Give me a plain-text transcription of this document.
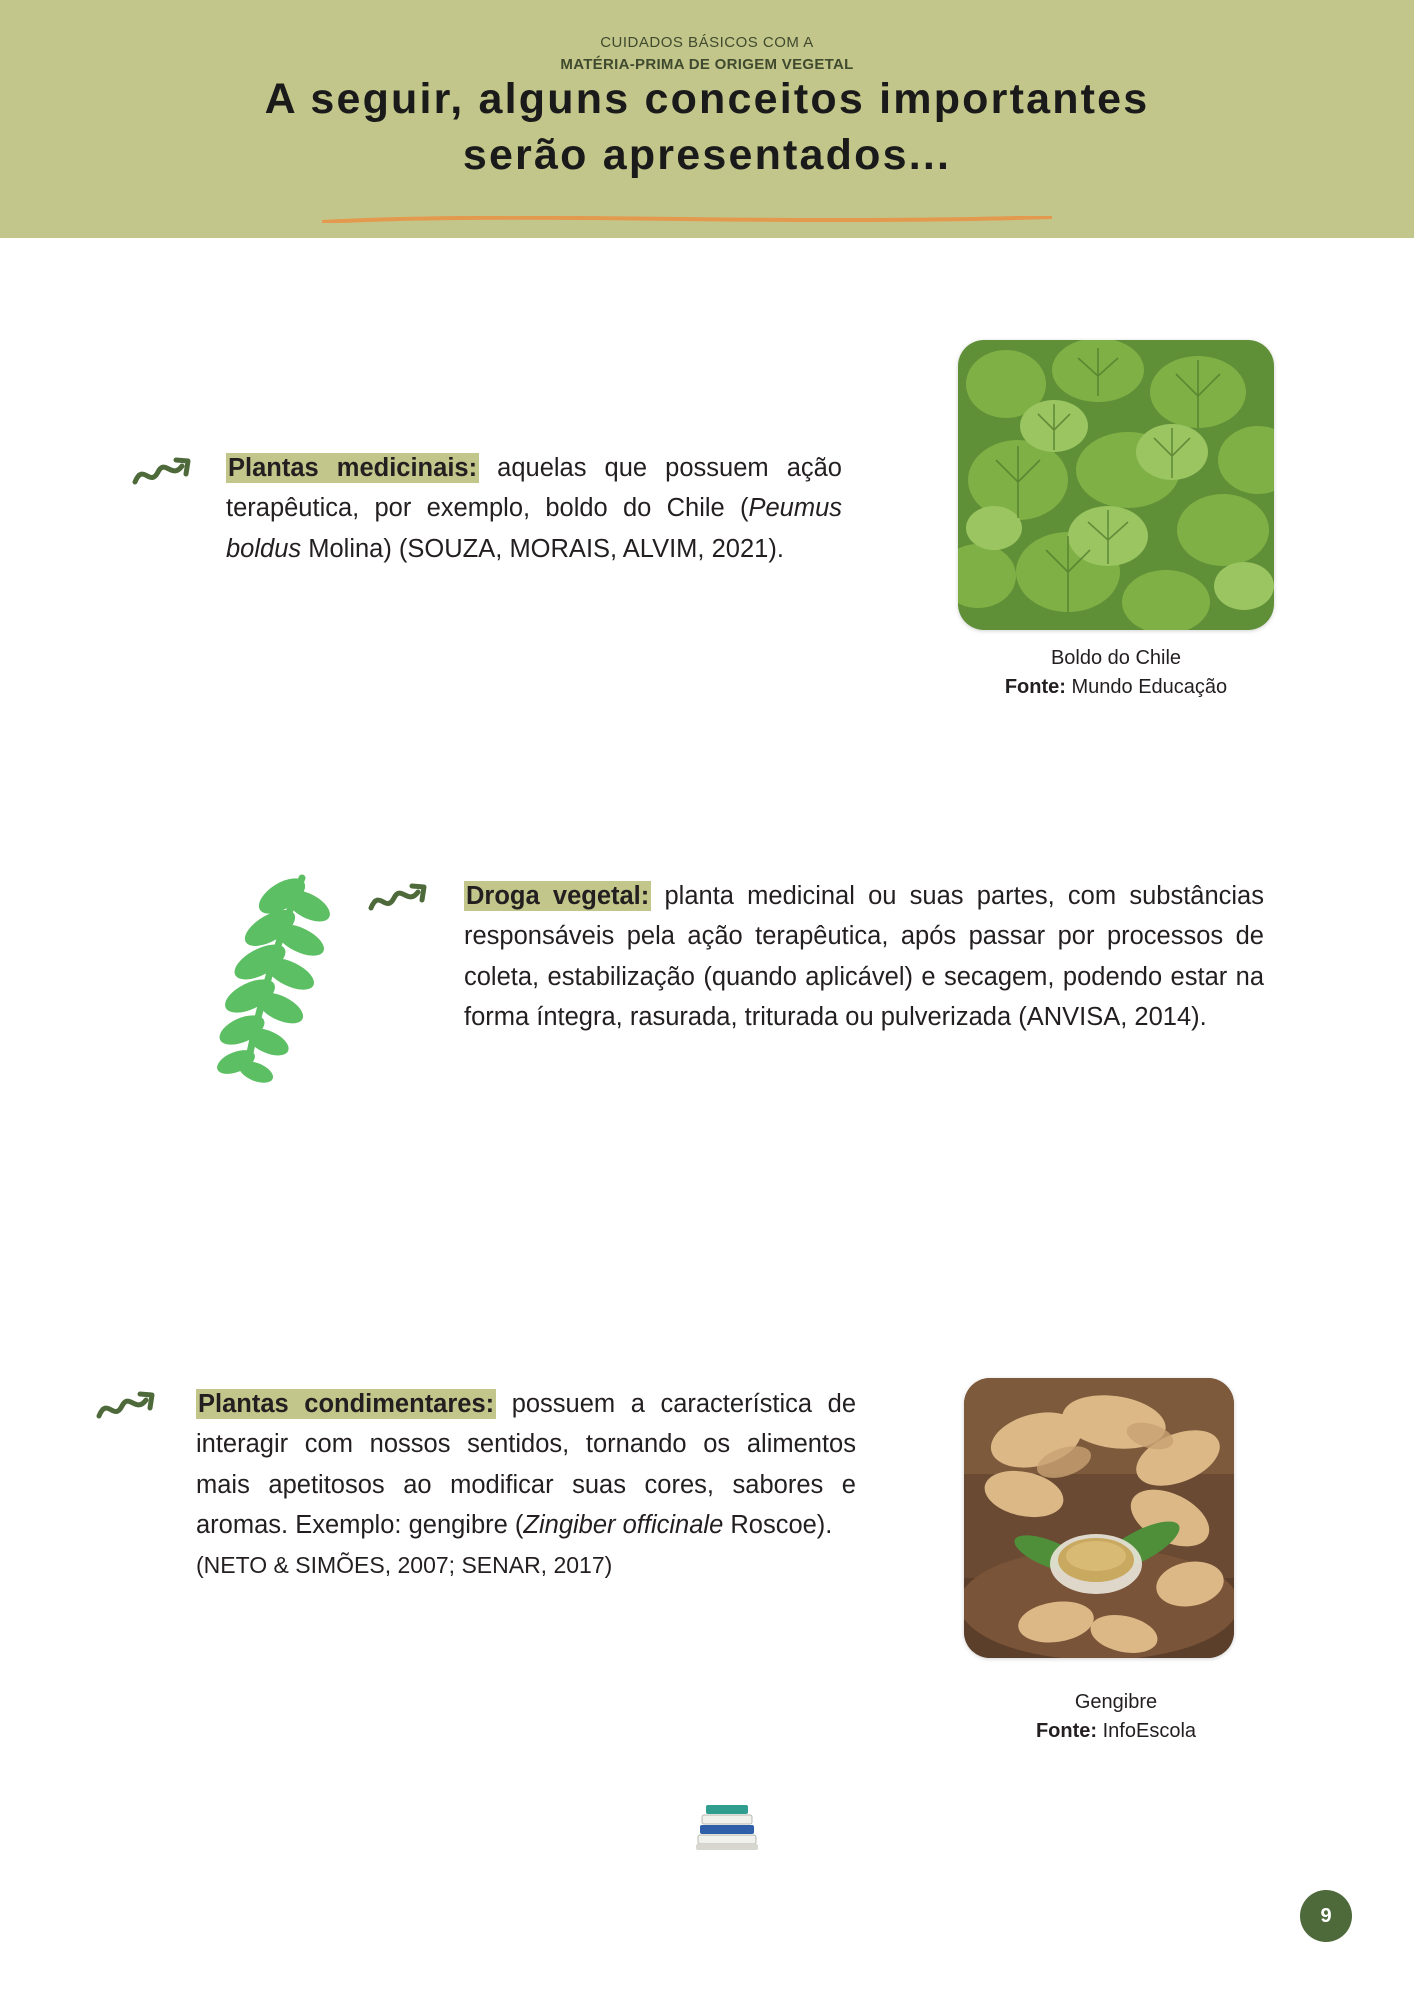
CUIDADOS BÁSICOS COM A
MATÉRIA-PRIMA DE ORIGEM VEGETAL
A seguir, alguns conceitos importantes
serão apresentados...

Plantas medicinais: aquelas que possuem ação terapêutica, por exemplo, boldo do Chile (Peumus boldus Molina) (SOUZA, MORAIS, ALVIM, 2021).

Boldo do Chile
Fonte: Mundo Educação

Droga vegetal: planta medicinal ou suas partes, com substâncias responsáveis pela ação terapêutica, após passar por processos de coleta, estabilização (quando aplicável) e secagem, podendo estar na forma íntegra, rasurada, triturada ou pulverizada (ANVISA, 2014).

Plantas condimentares: possuem a característica de interagir com nossos sentidos, tornando os alimentos mais apetitosos ao modificar suas cores, sabores e aromas. Exemplo: gengibre (Zingiber officinale Roscoe).

(NETO & SIMÕES, 2007; SENAR, 2017)

Gengibre
Fonte: InfoEscola
9
